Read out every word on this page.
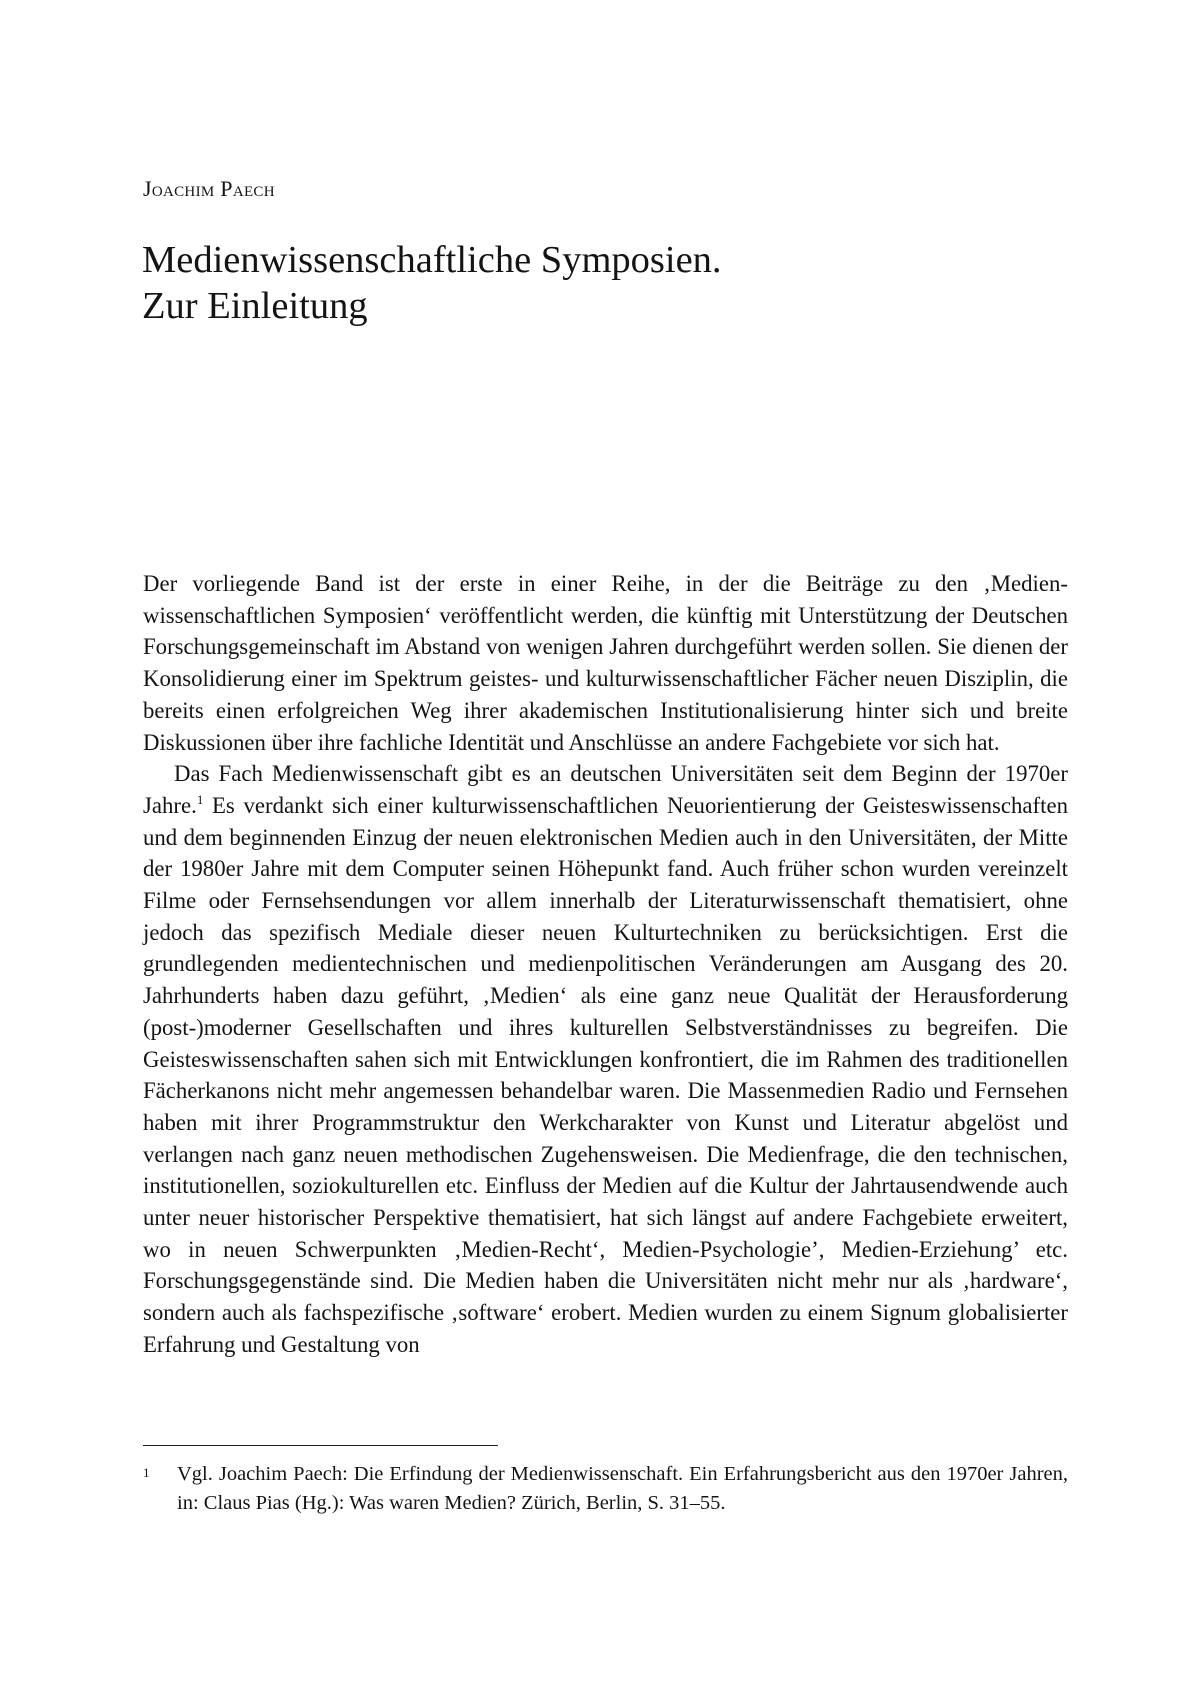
Joachim Paech
Medienwissenschaftliche Symposien.
Zur Einleitung

Der vorliegende Band ist der erste in einer Reihe, in der die Beiträge zu den ‚Medienwissenschaftlichen Symposien‘ veröffentlicht werden, die künftig mit Unterstützung der Deutschen Forschungsgemeinschaft im Abstand von wenigen Jahren durchgeführt werden sollen. Sie dienen der Konsolidierung einer im Spektrum geistes- und kulturwissenschaftlicher Fächer neuen Disziplin, die bereits einen erfolgreichen Weg ihrer akademischen Institutionalisierung hinter sich und breite Diskussionen über ihre fachliche Identität und Anschlüsse an andere Fachgebiete vor sich hat.

Das Fach Medienwissenschaft gibt es an deutschen Universitäten seit dem Beginn der 1970er Jahre.$^1$ Es verdankt sich einer kulturwissenschaftlichen Neuorientierung der Geisteswissenschaften und dem beginnenden Einzug der neuen elektronischen Medien auch in den Universitäten, der Mitte der 1980er Jahre mit dem Computer seinen Höhepunkt fand. Auch früher schon wurden vereinzelt Filme oder Fernsehsendungen vor allem innerhalb der Literaturwissenschaft thematisiert, ohne jedoch das spezifisch Mediale dieser neuen Kulturtechniken zu berücksichtigen. Erst die grundlegenden medientechnischen und medienpolitischen Veränderungen am Ausgang des 20. Jahrhunderts haben dazu geführt, ‚Medien‘ als eine ganz neue Qualität der Herausforderung (post-)moderner Gesellschaften und ihres kulturellen Selbstverständnisses zu begreifen. Die Geisteswissenschaften sahen sich mit Entwicklungen konfrontiert, die im Rahmen des traditionellen Fächerkanons nicht mehr angemessen behandelbar waren. Die Massenmedien Radio und Fernsehen haben mit ihrer Programmstruktur den Werkcharakter von Kunst und Literatur abgelöst und verlangen nach ganz neuen methodischen Zugehensweisen. Die Medienfrage, die den technischen, institutionellen, soziokulturellen etc. Einfluss der Medien auf die Kultur der Jahrtausendwende auch unter neuer historischer Perspektive thematisiert, hat sich längst auf andere Fachgebiete erweitert, wo in neuen Schwerpunkten ‚Medien-Recht‘, Medien-Psychologie’, Medien-Erziehung’ etc. Forschungsgegenstände sind. Die Medien haben die Universitäten nicht mehr nur als ‚hardware‘, sondern auch als fachspezifische ‚software‘ erobert. Medien wurden zu einem Signum globalisierter Erfahrung und Gestaltung von

1 Vgl. Joachim Paech: Die Erfindung der Medienwissenschaft. Ein Erfahrungsbericht aus den 1970er Jahren, in: Claus Pias (Hg.): Was waren Medien? Zürich, Berlin, S. 31–55.
